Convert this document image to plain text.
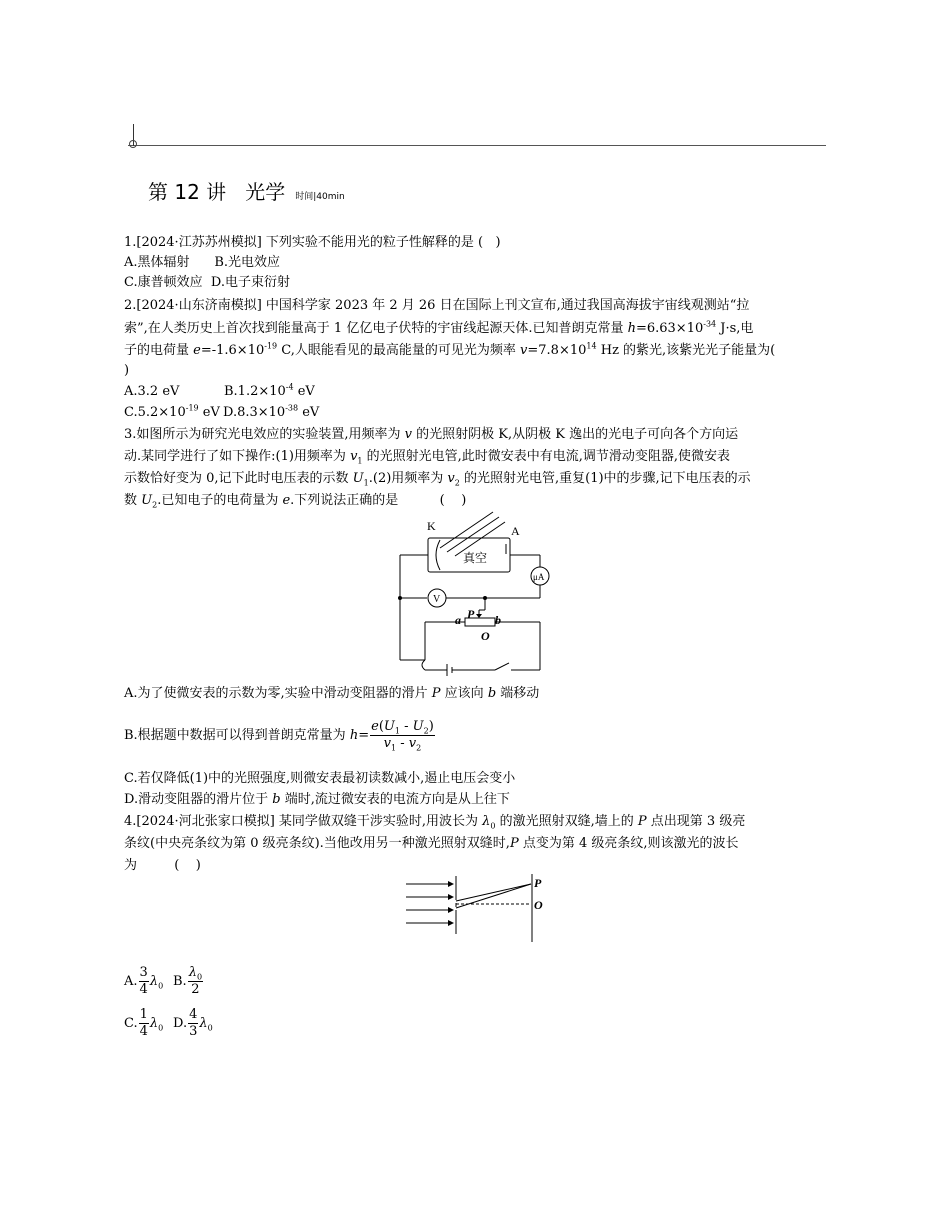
第 12 讲   光学 时间|40min
1.[2024·江苏苏州模拟] 下列实验不能用光的粒子性解释的是 (   )
A.黑体辐射      B.光电效应
C.康普顿效应  D.电子束衍射
2.[2024·山东济南模拟] 中国科学家 2023 年 2 月 26 日在国际上刊文宣布,通过我国高海拔宇宙线观测站“拉
索”,在人类历史上首次找到能量高于 1 亿亿电子伏特的宇宙线起源天体.已知普朗克常量 $h=6.63\times 10^{-34}$ J·s,电
子的电荷量 $e=-1.6\times 10^{-19}$ C,人眼能看见的最高能量的可见光为频率 $v=7.8\times 10^{14}$ Hz 的紫光,该紫光光子能量为(
)
A.3.2 eV	$B.1.2\times 10^{-4}$ eV
$C.5.2\times 10^{-19}$ eV $D.8.3\times 10^{-38}$ eV
3.如图所示为研究光电效应的实验装置,用频率为 v 的光照射阴极 K,从阴极 K 逸出的光电子可向各个方向运
动.某同学进行了如下操作:(1)用频率为 $v_1$ 的光照射光电管,此时微安表中有电流,调节滑动变阻器,使微安表
示数恰好变为 0,记下此时电压表的示数 $U_1.(2)$用频率为 $v_2$ 的光照射光电管,重复(1)中的步骤,记下电压表的示
数 $U_2$.已知电子的电荷量为 e.下列说法正确的是          (    )
K	A
真空
μA
V
P
a	b
O
A.为了使微安表的示数为零,实验中滑动变阻器的滑片 P 应该向 b 端移动
B.根据题中数据可以得到普朗克常量为 $h= \frac{e(U_1 - U_2)}{v_1 - v_2}$
C.若仅降低(1)中的光照强度,则微安表最初读数减小,遏止电压会变小
D.滑动变阻器的滑片位于 b 端时,流过微安表的电流方向是从上往下
4.[2024·河北张家口模拟] 某同学做双缝干涉实验时,用波长为 $\lambda_0$ 的激光照射双缝,墙上的 P 点出现第 3 级亮
条纹(中央亮条纹为第 0 级亮条纹).当他改用另一种激光照射双缝时,P 点变为第 4 级亮条纹,则该激光的波长
为         (    )
P
O
A. $\frac{3}{4} \lambda_0$ B. $\frac{\lambda_0}{2}$
C. $\frac{1}{4} \lambda_0$ D. $\frac{4}{3} \lambda_0$
